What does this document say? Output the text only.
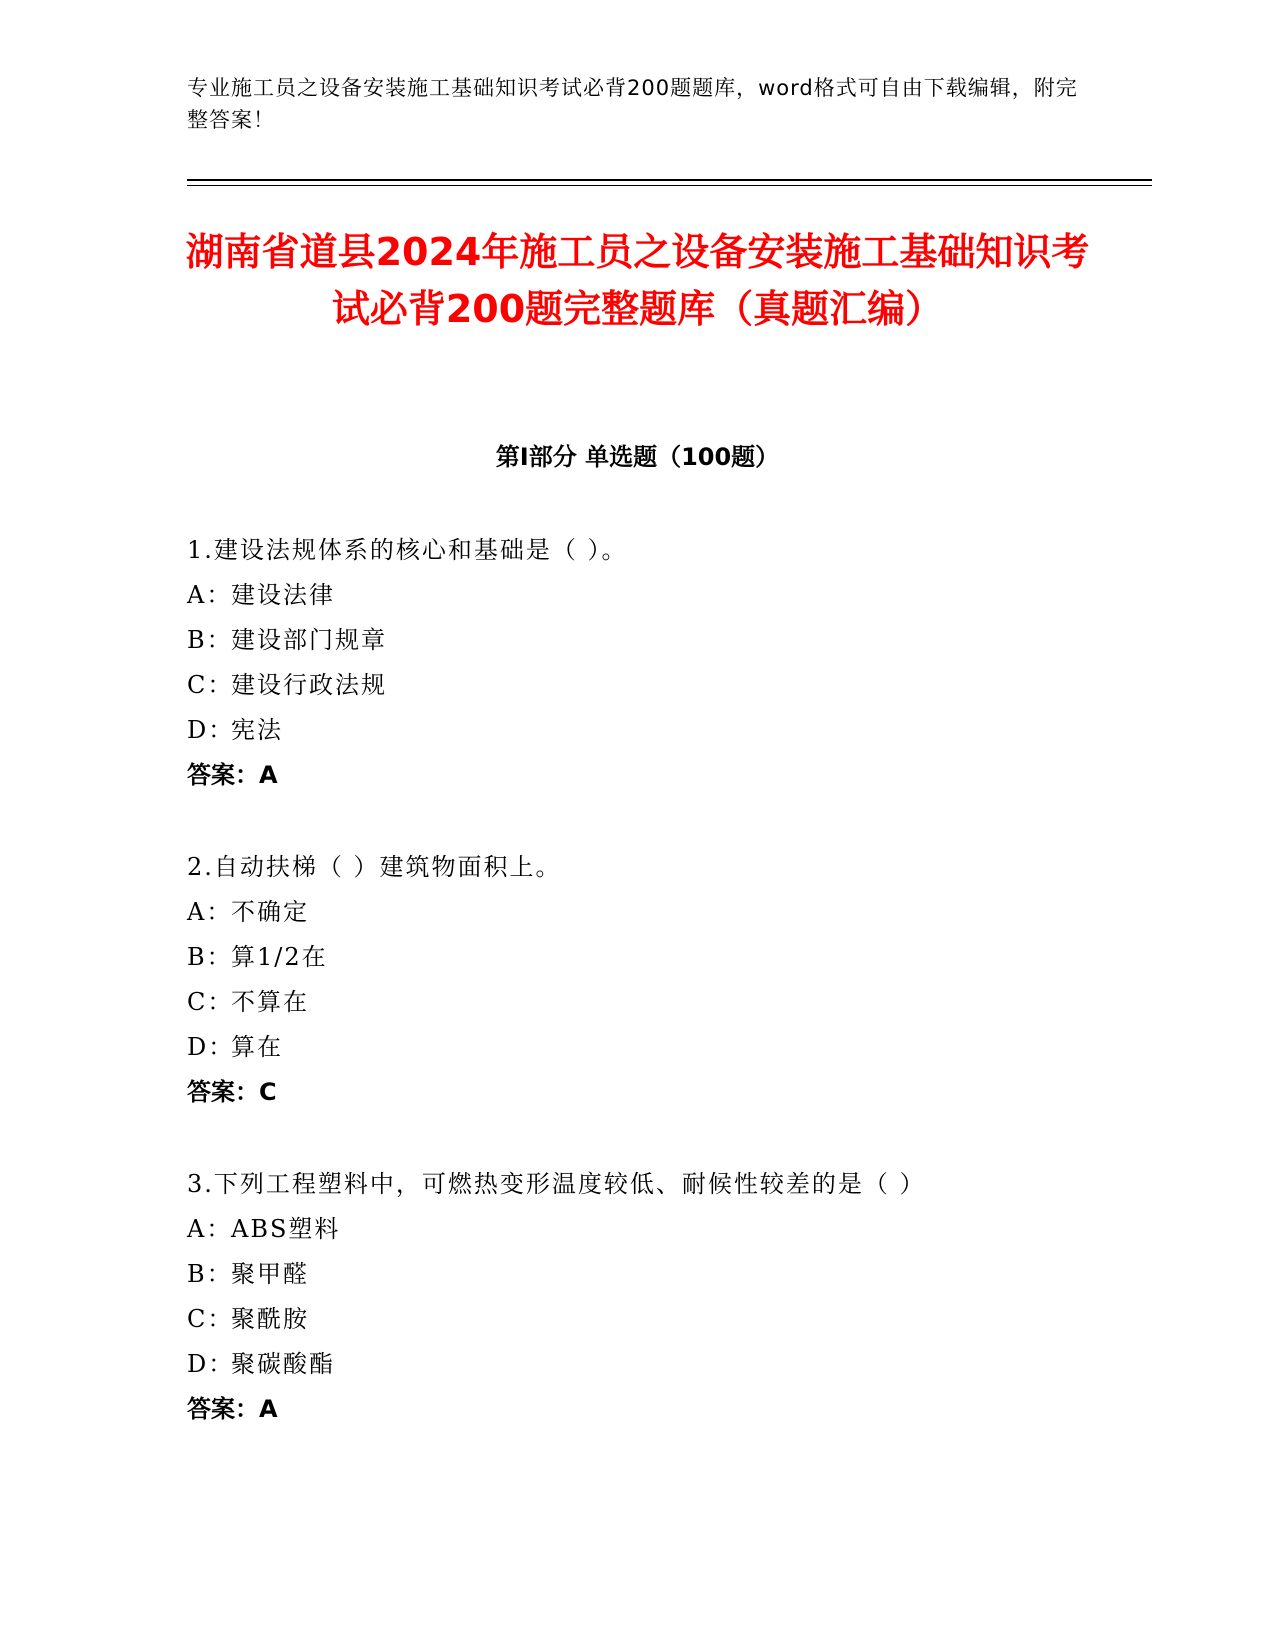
专业施工员之设备安装施工基础知识考试必背200题题库，word格式可自由下载编辑，附完整答案！
湖南省道县2024年施工员之设备安装施工基础知识考试必背200题完整题库（真题汇编）
第Ⅰ部分 单选题（100题）
1.建设法规体系的核心和基础是（ ）。
A：建设法律
B：建设部门规章
C：建设行政法规
D：宪法
答案：A
2.自动扶梯（ ）建筑物面积上。
A：不确定
B：算1/2在
C：不算在
D：算在
答案：C
3.下列工程塑料中，可燃热变形温度较低、耐候性较差的是（ ）
A：ABS塑料
B：聚甲醛
C：聚酰胺
D：聚碳酸酯
答案：A
